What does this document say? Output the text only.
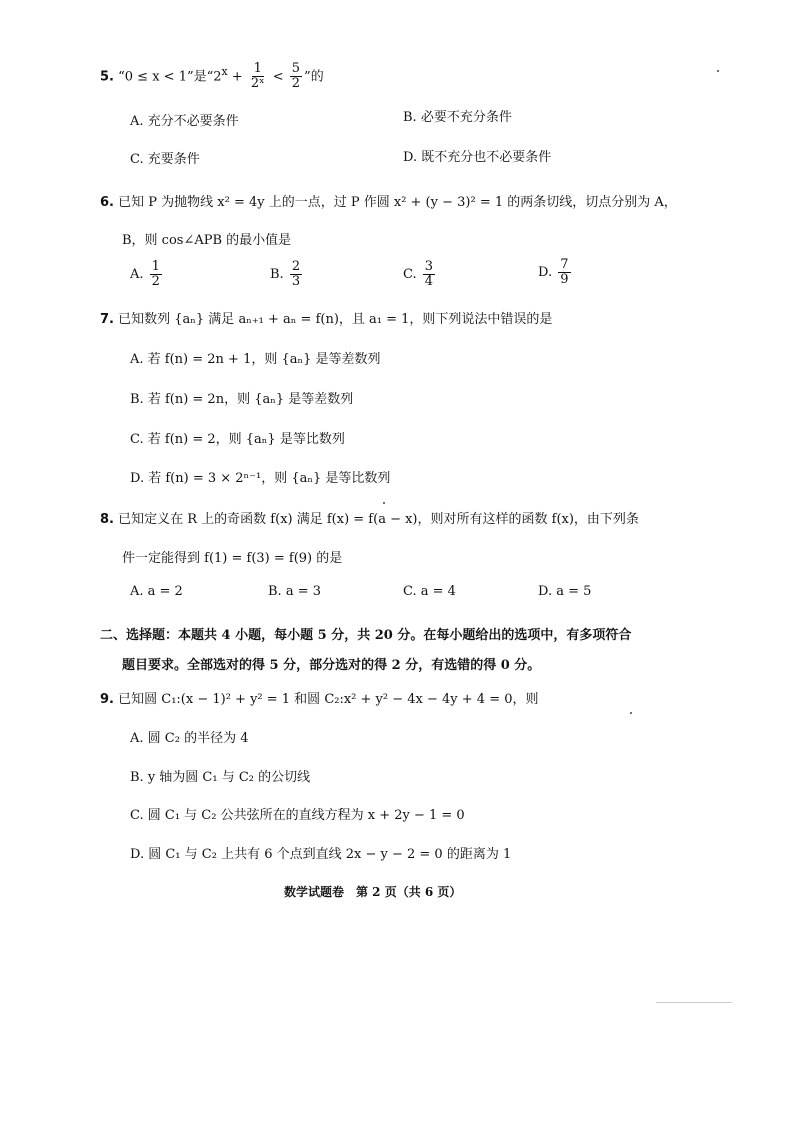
5. “0 ≤ x < 1”是“$2^x + \frac{1}{\text{2ˣ}} < \frac{5}{2}$ ”的
A. 充分不必要条件	B. 必要不充分条件
C. 充要条件	D. 既不充分也不必要条件
6. 已知 P 为抛物线 x² = 4y 上的一点，过 P 作圆 x² + (y − 3)² = 1 的两条切线，切点分别为 A，
B，则 cos∠APB 的最小值是
A. $\frac{1}{2}$	B. $\frac{2}{3}$	C. $\frac{3}{4}$	D. $\frac{7}{9}$
7. 已知数列 {aₙ} 满足 aₙ₊₁ + aₙ = f(n)，且 a₁ = 1，则下列说法中错误的是
A. 若 f(n) = 2n + 1，则 {aₙ} 是等差数列
B. 若 f(n) = 2n，则 {aₙ} 是等差数列
C. 若 f(n) = 2，则 {aₙ} 是等比数列
D. 若 f(n) = 3 × 2ⁿ⁻¹，则 {aₙ} 是等比数列
8. 已知定义在 R 上的奇函数 f(x) 满足 f(x) = f(a − x)，则对所有这样的函数 f(x)，由下列条
件一定能得到 f(1) = f(3) = f(9) 的是
A. a = 2	B. a = 3	C. a = 4	D. a = 5
二、选择题：本题共 4 小题，每小题 5 分，共 20 分。在每小题给出的选项中，有多项符合
题目要求。全部选对的得 5 分，部分选对的得 2 分，有选错的得 0 分。
9. 已知圆 C₁:(x − 1)² + y² = 1 和圆 C₂:x² + y² − 4x − 4y + 4 = 0，则
A. 圆 C₂ 的半径为 4
B. y 轴为圆 C₁ 与 C₂ 的公切线
C. 圆 C₁ 与 C₂ 公共弦所在的直线方程为 x + 2y − 1 = 0
D. 圆 C₁ 与 C₂ 上共有 6 个点到直线 2x − y − 2 = 0 的距离为 1
数学试题卷　第 2 页（共 6 页）
